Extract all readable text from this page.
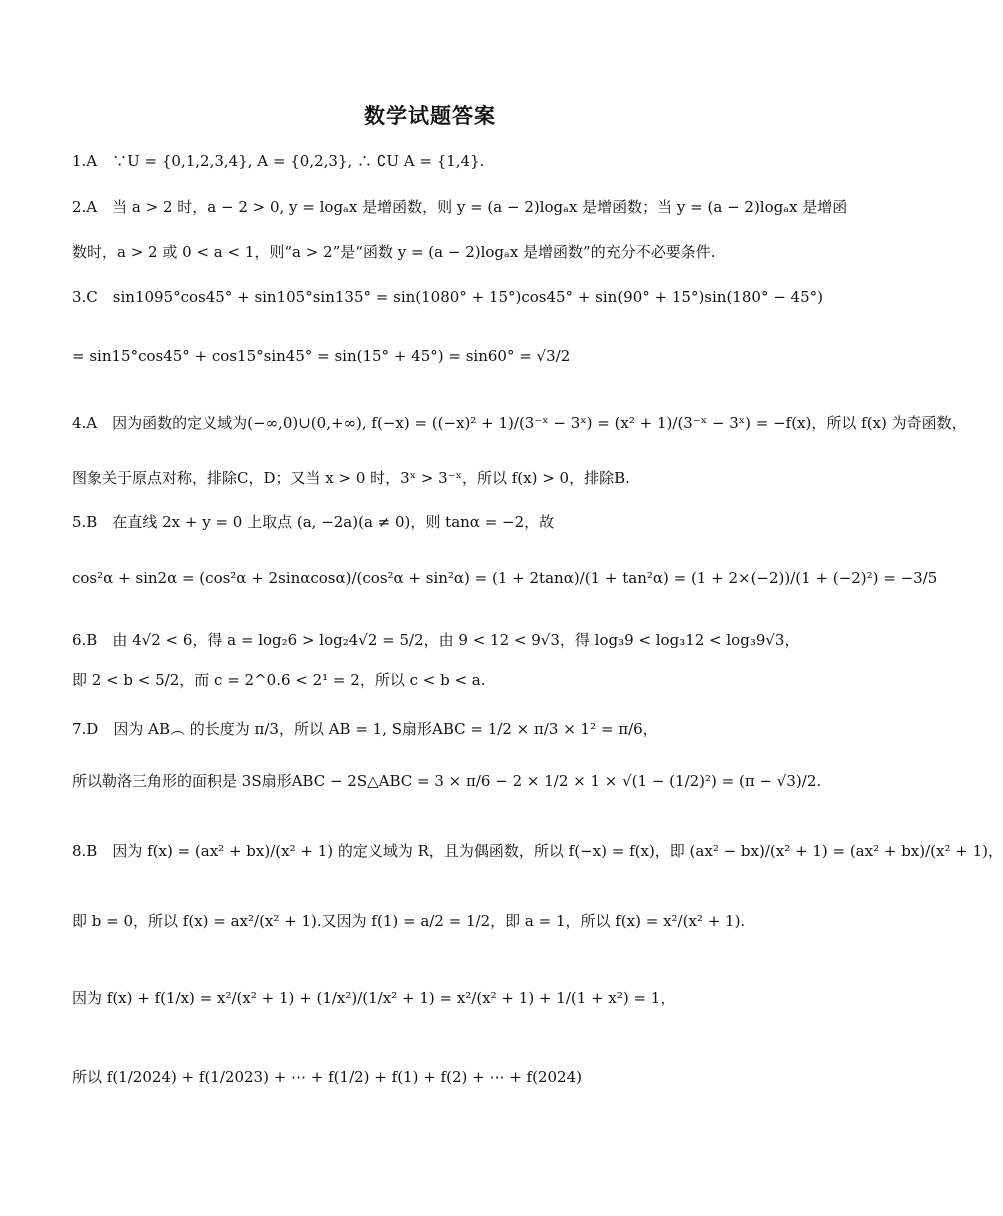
数学试题答案
1.A　∵U = {0,1,2,3,4}, A = {0,2,3}, ∴ ∁U A = {1,4}.
2.A　当 a > 2 时，a − 2 > 0, y = logₐx 是增函数，则 y = (a − 2)logₐx 是增函数；当 y = (a − 2)logₐx 是增函
数时，a > 2 或 0 < a < 1，则“a > 2”是“函数 y = (a − 2)logₐx 是增函数”的充分不必要条件.
3.C　sin1095°cos45° + sin105°sin135° = sin(1080° + 15°)cos45° + sin(90° + 15°)sin(180° − 45°)
= sin15°cos45° + cos15°sin45° = sin(15° + 45°) = sin60° = √3/2
4.A　因为函数的定义域为(−∞,0)∪(0,+∞), f(−x) = ((−x)² + 1)/(3⁻ˣ − 3ˣ) = (x² + 1)/(3⁻ˣ − 3ˣ) = −f(x)，所以 f(x) 为奇函数，
图象关于原点对称，排除C，D；又当 x > 0 时，3ˣ > 3⁻ˣ，所以 f(x) > 0，排除B.
5.B　在直线 2x + y = 0 上取点 (a, −2a)(a ≠ 0)，则 tanα = −2，故
cos²α + sin2α = (cos²α + 2sinαcosα)/(cos²α + sin²α) = (1 + 2tanα)/(1 + tan²α) = (1 + 2×(−2))/(1 + (−2)²) = −3/5
6.B　由 4√2 < 6，得 a = log₂6 > log₂4√2 = 5/2，由 9 < 12 < 9√3，得 log₃9 < log₃12 < log₃9√3，
即 2 < b < 5/2，而 c = 2^0.6 < 2¹ = 2，所以 c < b < a.
7.D　因为 AB︵ 的长度为 π/3，所以 AB = 1, S扇形ABC = 1/2 × π/3 × 1² = π/6，
所以勒洛三角形的面积是 3S扇形ABC − 2S△ABC = 3 × π/6 − 2 × 1/2 × 1 × √(1 − (1/2)²) = (π − √3)/2.
8.B　因为 f(x) = (ax² + bx)/(x² + 1) 的定义域为 R，且为偶函数，所以 f(−x) = f(x)，即 (ax² − bx)/(x² + 1) = (ax² + bx)/(x² + 1)，
即 b = 0，所以 f(x) = ax²/(x² + 1).又因为 f(1) = a/2 = 1/2，即 a = 1，所以 f(x) = x²/(x² + 1).
因为 f(x) + f(1/x) = x²/(x² + 1) + (1/x²)/(1/x² + 1) = x²/(x² + 1) + 1/(1 + x²) = 1，
所以 f(1/2024) + f(1/2023) + ⋯ + f(1/2) + f(1) + f(2) + ⋯ + f(2024)
